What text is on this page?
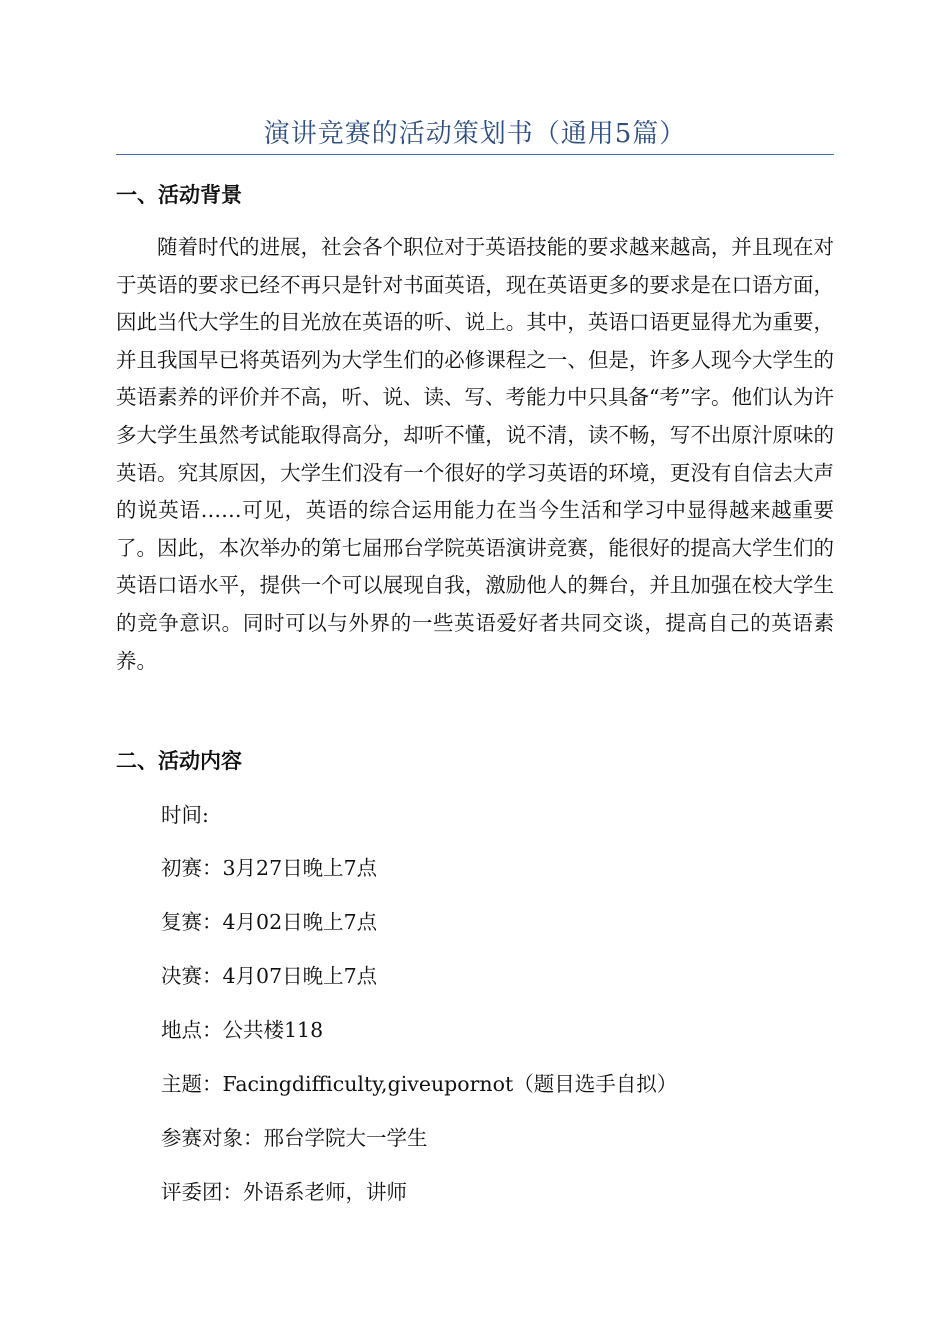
演讲竞赛的活动策划书（通用5篇）
一、活动背景

随着时代的进展，社会各个职位对于英语技能的要求越来越高，并且现在对于英语的要求已经不再只是针对书面英语，现在英语更多的要求是在口语方面，因此当代大学生的目光放在英语的听、说上。其中，英语口语更显得尤为重要，并且我国早已将英语列为大学生们的必修课程之一、但是，许多人现今大学生的英语素养的评价并不高，听、说、读、写、考能力中只具备“考”字。他们认为许多大学生虽然考试能取得高分，却听不懂，说不清，读不畅，写不出原汁原味的英语。究其原因，大学生们没有一个很好的学习英语的环境，更没有自信去大声的说英语……可见，英语的综合运用能力在当今生活和学习中显得越来越重要了。因此，本次举办的第七届邢台学院英语演讲竞赛，能很好的提高大学生们的英语口语水平，提供一个可以展现自我，激励他人的舞台，并且加强在校大学生的竞争意识。同时可以与外界的一些英语爱好者共同交谈，提高自己的英语素养。

二、活动内容
时间:
初赛：3月27日晚上7点
复赛：4月02日晚上7点
决赛：4月07日晚上7点
地点：公共楼118
主题：Facingdifficulty,giveupornot（题目选手自拟）
参赛对象：邢台学院大一学生
评委团：外语系老师，讲师
